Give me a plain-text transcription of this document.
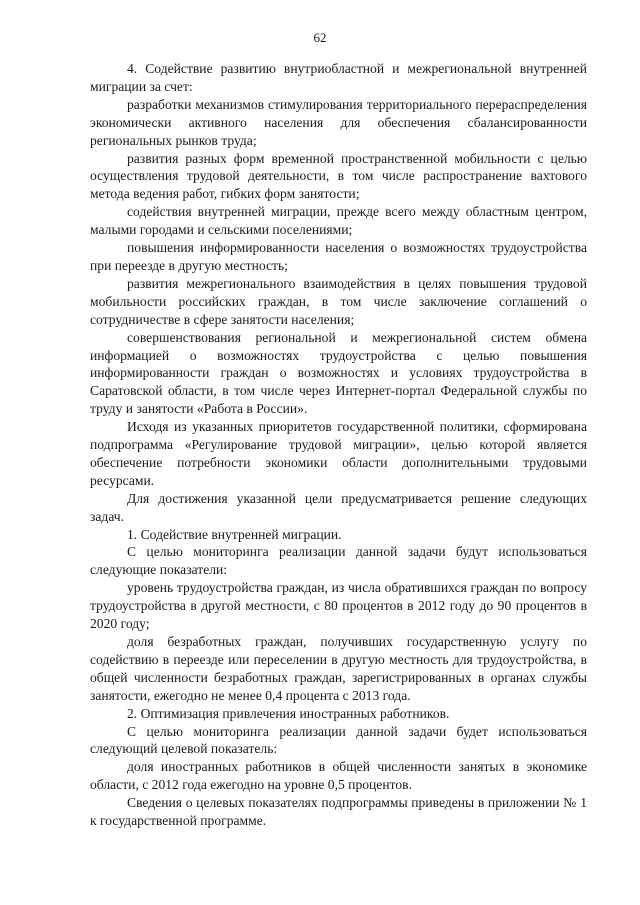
62

4. Содействие развитию внутриобластной и межрегиональной внутренней миграции за счет:

разработки механизмов стимулирования территориального перераспределения экономически активного населения для обеспечения сбалансированности региональных рынков труда;

развития разных форм временной пространственной мобильности с целью осуществления трудовой деятельности, в том числе распространение вахтового метода ведения работ, гибких форм занятости;

содействия внутренней миграции, прежде всего между областным центром, малыми городами и сельскими поселениями;

повышения информированности населения о возможностях трудоустройства при переезде в другую местность;

развития межрегионального взаимодействия в целях повышения трудовой мобильности российских граждан, в том числе заключение соглашений о сотрудничестве в сфере занятости населения;

совершенствования региональной и межрегиональной систем обмена информацией о возможностях трудоустройства с целью повышения информированности граждан о возможностях и условиях трудоустройства в Саратовской области, в том числе через Интернет-портал Федеральной службы по труду и занятости «Работа в России».

Исходя из указанных приоритетов государственной политики, сформирована подпрограмма «Регулирование трудовой миграции», целью которой является обеспечение потребности экономики области дополнительными трудовыми ресурсами.

Для достижения указанной цели предусматривается решение следующих задач.

1. Содействие внутренней миграции.

С целью мониторинга реализации данной задачи будут использоваться следующие показатели:

уровень трудоустройства граждан, из числа обратившихся граждан по вопросу трудоустройства в другой местности, с 80 процентов в 2012 году до 90 процентов в 2020 году;

доля безработных граждан, получивших государственную услугу по содействию в переезде или переселении в другую местность для трудоустройства, в общей численности безработных граждан, зарегистрированных в органах службы занятости, ежегодно не менее 0,4 процента с 2013 года.

2. Оптимизация привлечения иностранных работников.

С целью мониторинга реализации данной задачи будет использоваться следующий целевой показатель:

доля иностранных работников в общей численности занятых в экономике области, с 2012 года ежегодно на уровне 0,5 процентов.

Сведения о целевых показателях подпрограммы приведены в приложении № 1 к государственной программе.
